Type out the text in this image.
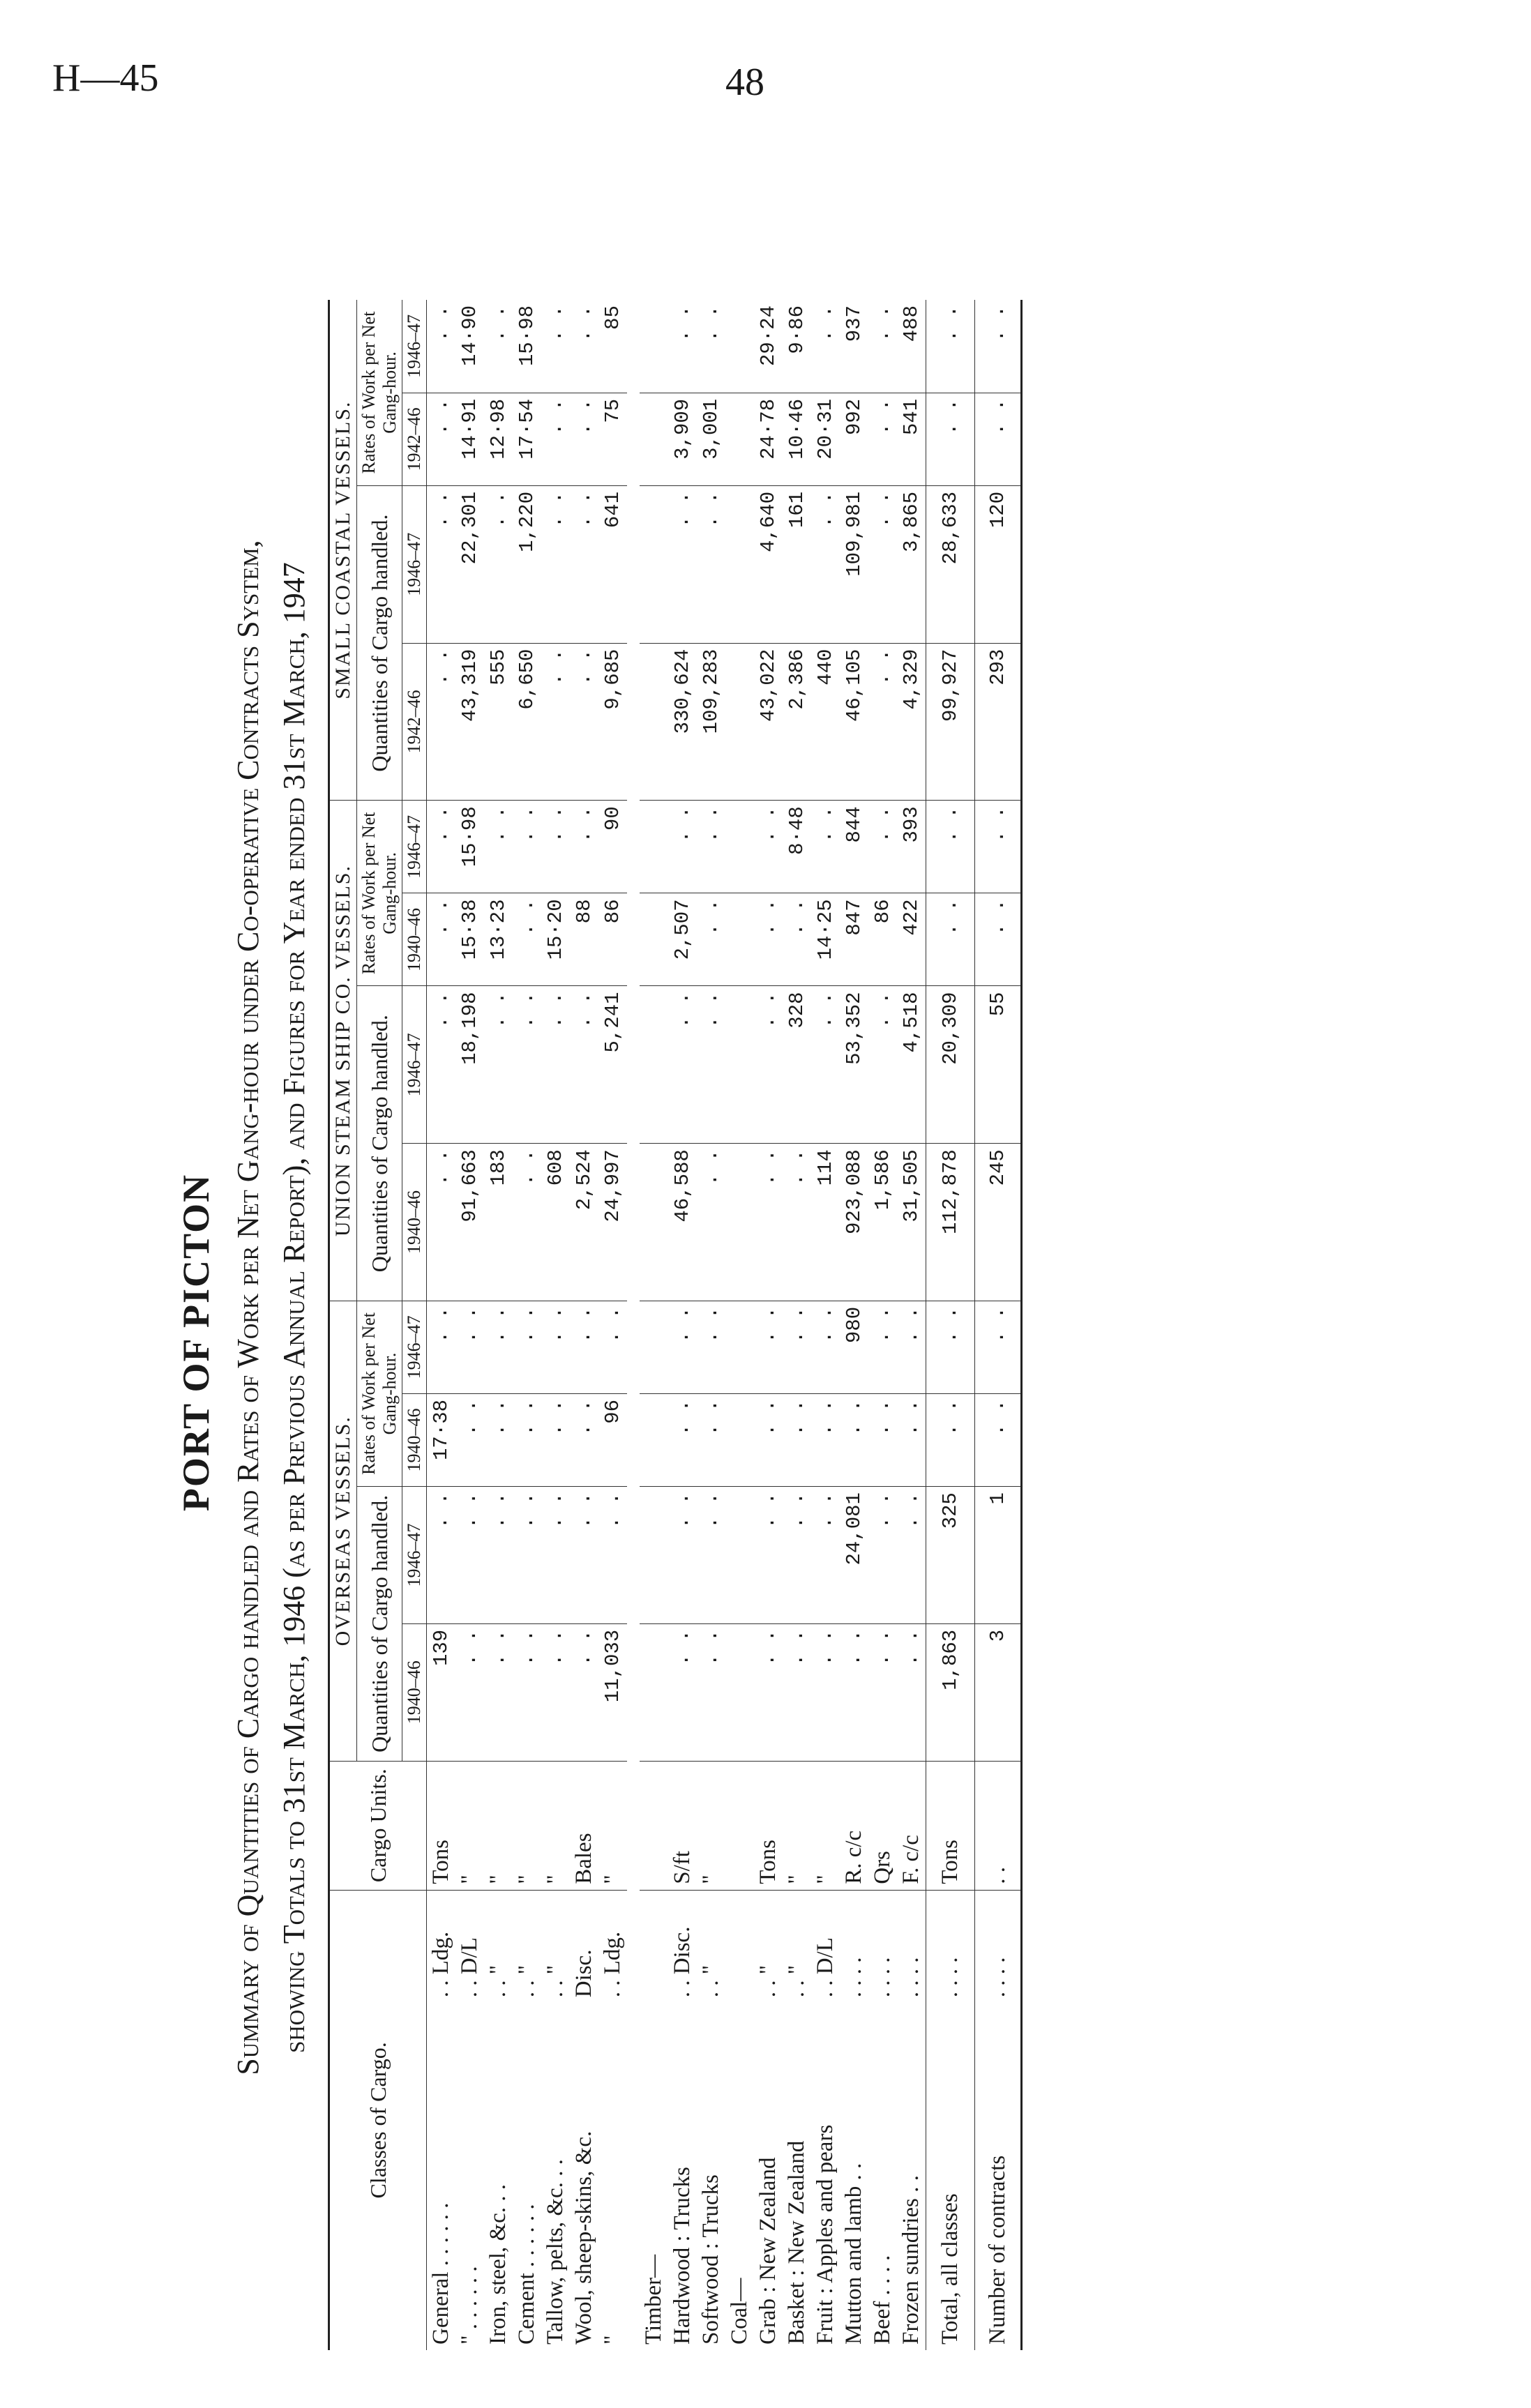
H—45	48
PORT OF PICTON Summary of Quantities of Cargo handled and Rates of Work per Net Gang-hour under Co-operative Contracts System, showing Totals to 31st March, 1946 (as per Previous Annual Report), and Figures for Year ended 31st March, 1947
Classes of Cargo.		Cargo Units.	OVERSEAS VESSELS.				UNION STEAM SHIP CO. VESSELS.				SMALL COASTAL VESSELS.			
			Quantities of Cargo handled.		Rates of Work per Net Gang-hour.		Quantities of Cargo handled.		Rates of Work per Net Gang-hour.		Quantities of Cargo handled.		Rates of Work per Net Gang-hour.	
			1940–46	1946–47	1940–46	1946–47	1940–46	1946–47	1940–46	1946–47	1942–46	1946–47	1942–46	1946–47
General . . . . . .	. . Ldg.	Tons	139	. .	17·38	. .	. .	. .	. .	. .	. .	. .	. .	. .
" . . . . . .	. . D/L	"	. .	. .	. .	. .	91,663	18,198	15·38	15·98	43,319	22,301	14·91	14·90
Iron, steel, &c. . .	. . "	"	. .	. .	. .	. .	183	. .	13·23	. .	555	. .	12·98	. .
Cement . . . . . .	. . "	"	. .	. .	. .	. .	. .	. .	. .	. .	6,650	1,220	17·54	15·98
Tallow, pelts, &c. . .	. . "	"	. .	. .	. .	. .	608	. .	15·20	. .	. .	. .	. .	. .
Wool, sheep-skins, &c.	Disc.	Bales	. .	. .	. .	. .	2,524	. .	88	. .	. .	. .	. .	. .
"	. . Ldg.	"	11,033	. .	96	. .	24,997	5,241	86	90	9,685	641	75	85

Timber—														
Hardwood : Trucks	. . Disc.	S/ft	. .	. .	. .	. .	46,588	. .	2,507	. .	330,624	. .	3,909	. .
Softwood : Trucks	. . "	"	. .	. .	. .	. .	. .	. .	. .	. .	109,283	. .	3,001	. .
Coal—														
Grab : New Zealand	. . "	Tons	. .	. .	. .	. .	. .	. .	. .	. .	43,022	4,640	24·78	29·24
Basket : New Zealand	. . "	"	. .	. .	. .	. .	. .	328	. .	8·48	2,386	161	10·46	9·86
Fruit : Apples and pears	. . D/L	"	. .	. .	. .	. .	114	. .	14·25	. .	440	. .	20·31	. .
Mutton and lamb . .	. . . .	R. c/c	. .	24,081	. .	980	923,088	53,352	847	844	46,105	109,981	992	937
Beef . . . .	. . . .	Qrs	. .	. .	. .	. .	1,586	. .	86	. .	. .	. .	. .	. .
Frozen sundries . .	. . . .	F. c/c	. .	. .	. .	. .	31,505	4,518	422	393	4,329	3,865	541	488
Total, all classes	. . . .	Tons	1,863	325	. .	. .	112,878	20,309	. .	. .	99,927	28,633	. .	. .
Number of contracts	. . . .	. .	3	1	. .	. .	245	55	. .	. .	293	120	. .	. .
